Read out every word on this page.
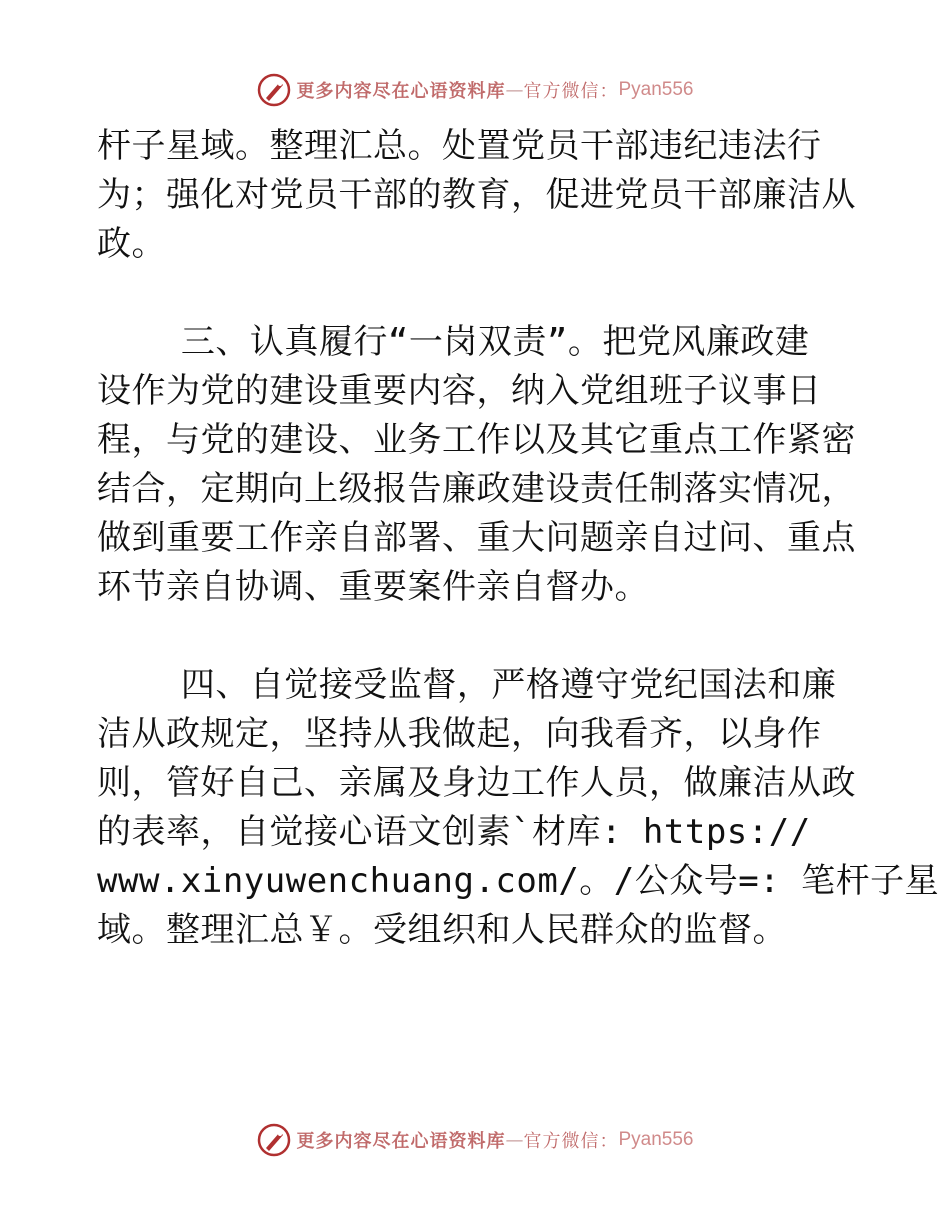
更多内容尽在心语资料库 — 官方微信： Pyan556
杆子星域。整理汇总。处置党员干部违纪违法行
为；强化对党员干部的教育，促进党员干部廉洁从
政。
三、认真履行“一岗双责”。把党风廉政建
设作为党的建设重要内容，纳入党组班子议事日
程，与党的建设、业务工作以及其它重点工作紧密
结合，定期向上级报告廉政建设责任制落实情况，
做到重要工作亲自部署、重大问题亲自过问、重点
环节亲自协调、重要案件亲自督办。
四、自觉接受监督，严格遵守党纪国法和廉
洁从政规定，坚持从我做起，向我看齐，以身作
则，管好自己、亲属及身边工作人员，做廉洁从政
的表率，自觉接心语文创素`材库: https://
www.xinyuwenchuang.com/。/公众号=: 笔杆子星
域。整理汇总￥。受组织和人民群众的监督。
更多内容尽在心语资料库 — 官方微信： Pyan556
